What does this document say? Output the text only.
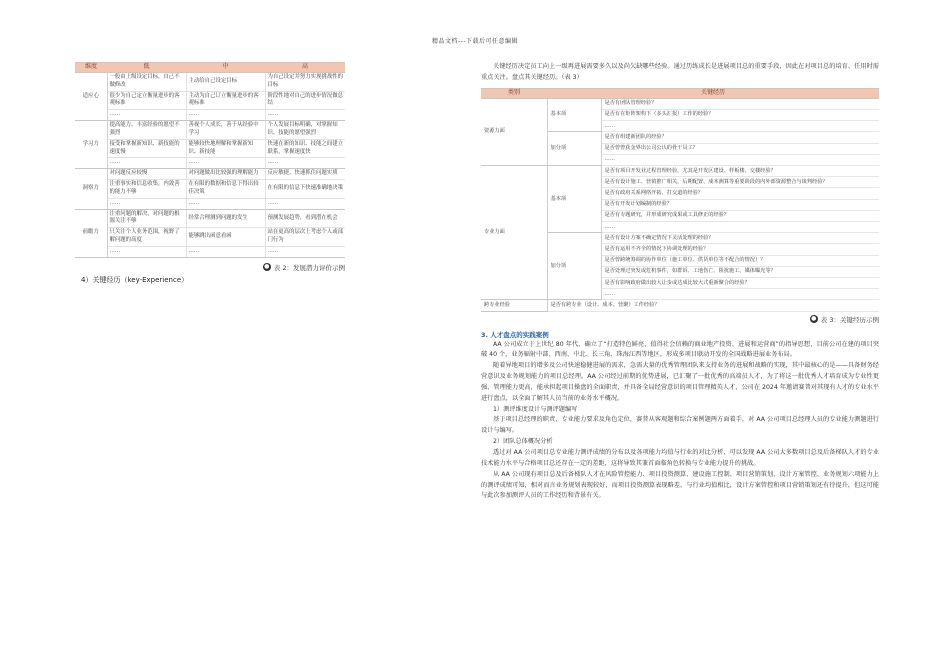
精品文档---下载后可任意编辑
维度	低	中	高
适应心	一般由上级设定目标，自己不做修改	主动给自己设定目标	为自己设定并努力实现挑战性的目标
	很少为自己定立衡量进步的客观标准	主动为自己订立衡量进步的客观标准	阶段性地对自己的进步情况做总结
	……	……	……
学习力	提高能力、丰富经验的愿望不强烈	善视个人成长，善于从经验中学习	个人发展目标明确，对掌握知识、技能的愿望强烈
	接受和掌握新知识、新技能的速度慢	能够较快地理解和掌握新知识、新技能	快速在新的知识、技能之间建立联系，掌握速度快
	……	……	……
洞察力	对问题反应较慢	对问题做出比较强的理解能力	反应敏捷，快速抓住问题实质
	注重事实和信息收集，内敛善的能力不够	在有限的数据和信息下得出较佳决策	在有限的信息下快速准确地决策
	……	……	……
前瞻力	注重问题的解决，对问题的根源关注不够	经常合理测到问题的发生	预测发展趋势，看到潜在机会
	只关注个人业务范围，视野了解问题的高度	能够跳出函意看函	站在更高的层次上考虑个人或部门行为
	……	……	……
● 表 2：发展潜力评价示例
4）关键经历（key-Experience）
关键经历决定员工向上一级再进展需要多久以及尚欠缺哪些经验。通过历练成长是进展项目总的重要手段，因此在对项目总的培育、任用时需重点关注。盘点其关键经历。（表 3）
类别	关键经历	
资源力面	基本项	是否有团队管理经验？
		是否有在矩阵架构下（多头汇报）工作的经验？
		……
	加分项	是否有组建新团队的经验？
		是否曾曾获金界出公司公认的骨干员工？
		……
专业力面	基本项	是否有项目开发业过程管理经验，尤其是开发区建设、样板楼、交楼经验？
		是否有设计施工、营销推广相关，后期配置、成本测算等重要阶段的内外部资源整合与谈判经验？
		是否有政府关系网络开拓、打交道的经验？
		是否有开发计划编制的经验？
		是否有专题研究，并形成研究成果或工具修正的经验？
		……
	加分项	是否有设计方案不确定情况下灵活处理的经验？
		是否有运用不齐全的情况下协调处理的经验？
		是否曾跨统筹调的协作单位（施工单位、供货单位等不配合的情况）？
		是否处理过突发或危机事件，如群诉、工地伤亡、阻扰施工，媒体曝光等？
		是否有影响政府做出较大让步或达成比较大式重新聚合的经验？
		……
跨专业经验	是否有跨专业（设计、成本、营聚）工作经验？	
● 表 3：关键经历示例
3. 人才盘点的实践案例
AA 公司成立于上世纪 80 年代，确立了“打造特色鲜亮、值得社会信赖的商业地产投资、进展和运营商”的指导思想，目前公司在建的项目突破 40 个，业务辐射中部、西南、中北、长三角、珠海江西等地区，形成多项目联动开发的全国战略进展业务布局。
随着异地项目的增多及公司快速稳健进展的需求，急需大量的优秀管理团队来支持业务的进展和战略的实现，其中最核心的是——具备财务经营意识及业务规划能力的项目总经理。AA 公司经过前期的优势进展，已汇聚了一批优秀的高端员人才，为了将这一批优秀人才培育成为专业性更强、管理能力更高，能承担起项目操盘的全面职责，并具备全局经营意识的项目管理精英人才，公司在 2024 年邀请赛普对其现有人才的专业水平进行盘点，以全面了解其人员当前的业务水平概况。
1）测评维度设计与测评题编写
基于项目总经理的职责、专业能力要求及角色定位，赛普从客观题和综合案例题两方面着手，对 AA 公司项目总经理人员的专业能力测题进行设计与编写。
2）团队总体概况分析
透过对 AA 公司项目总专业能力测评成绩的分布以及各项能力均值与行业的对比分析，可以发现 AA 公司大多数项目总及后备梯队人才的专业技术能力水平与合格项目总还存在一定的差距，这将导致其兼首面临角色转换与专业能力提升的挑战。
从 AA 公司现有项目总及后备梯队人才在风险管控能力、项目投资测算、建设施工控制、项目营销策划、设计方案管控、业务规划六项能力上的测评成绩可知，相对而言业务规划表现较好，而项目投资测算表现略差。与行业均值相比，设计方案管控和项目营销策划还有待提升，但这可能与此次参加测评人员的工作经历和背景有关。
